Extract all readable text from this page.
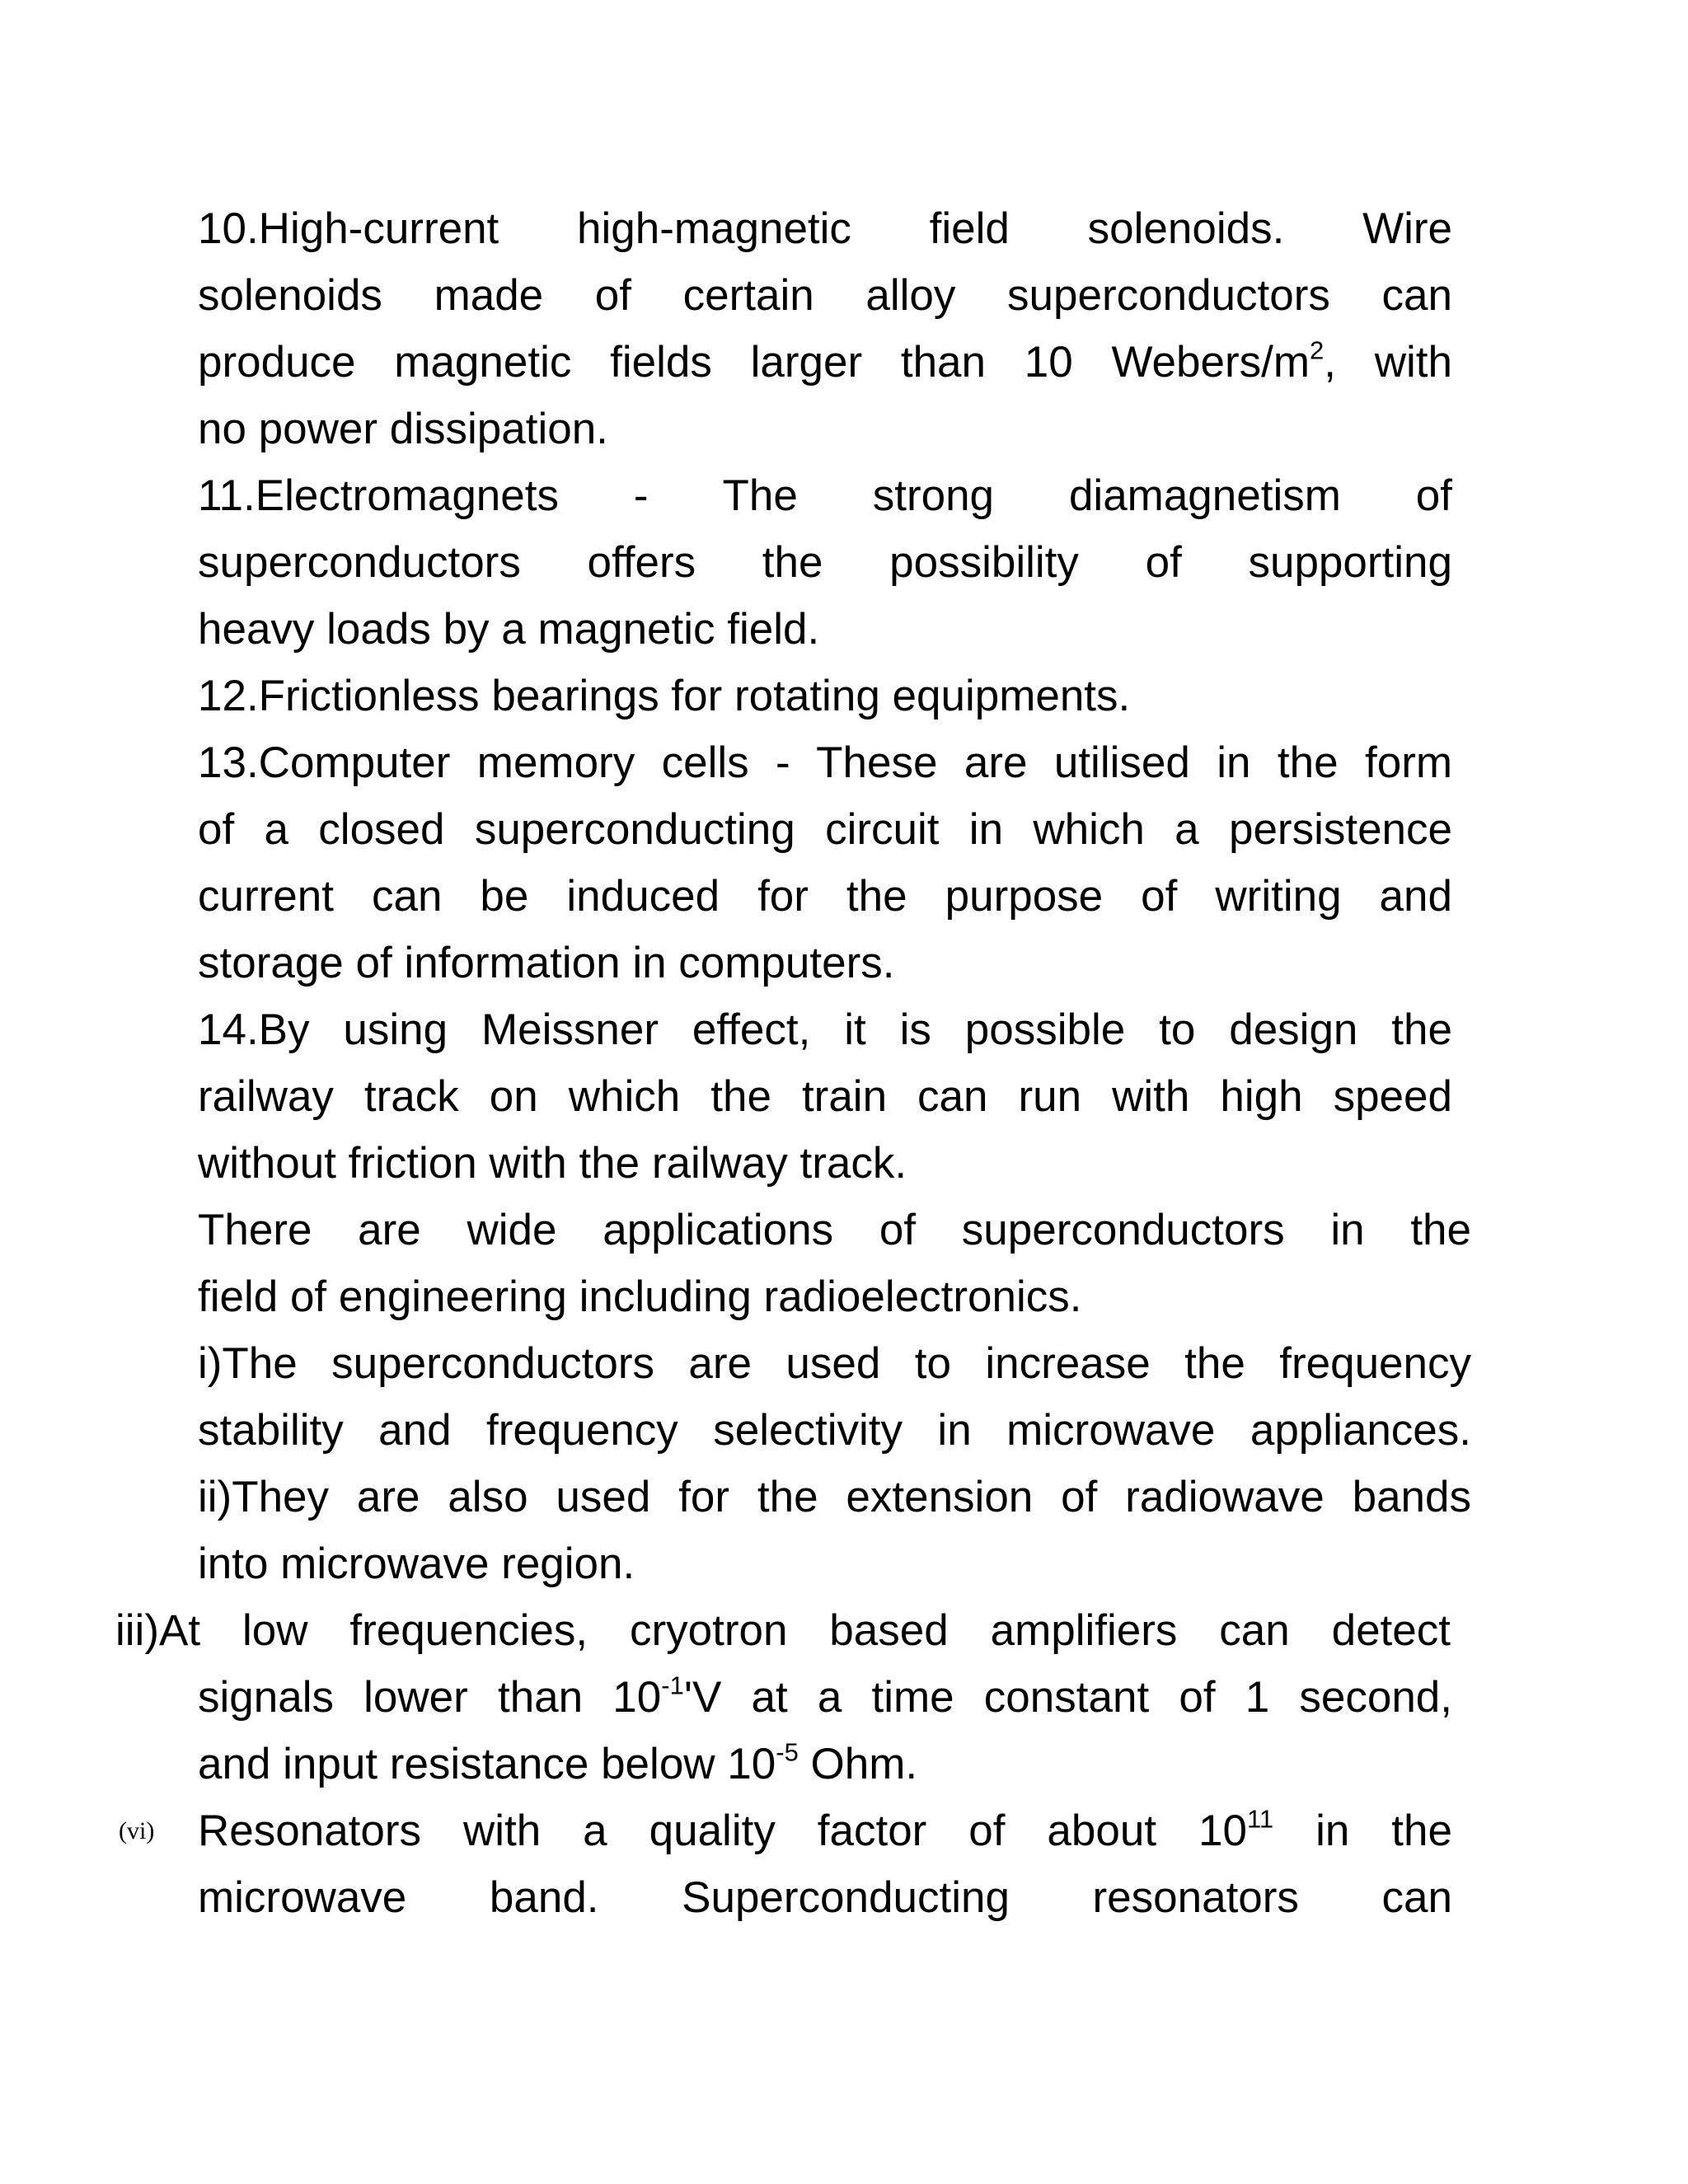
10.High-current high-magnetic field solenoids. Wire
solenoids made of certain alloy superconductors can
produce magnetic fields larger than 10 Webers/$m^2$, with
no power dissipation.
11.Electromagnets - The strong diamagnetism of
superconductors offers the possibility of supporting
heavy loads by a magnetic field.
12.Frictionless bearings for rotating equipments.
13.Computer memory cells - These are utilised in the form
of a closed superconducting circuit in which a persistence
current can be induced for the purpose of writing and
storage of information in computers.
14.By using Meissner effect, it is possible to design the
railway track on which the train can run with high speed
without friction with the railway track.
There are wide applications of superconductors in the
field of engineering including radioelectronics.
i)The superconductors are used to increase the frequency
stability and frequency selectivity in microwave appliances.
ii)They are also used for the extension of radiowave bands
into microwave region.
iii)At low frequencies, cryotron based amplifiers can detect
signals lower than $10^{-1}'V$ at a time constant of 1 second,
and input resistance below $10^{-5}$ Ohm.
(vi) Resonators with a quality factor of about $10^{11}$ in the
microwave band. Superconducting resonators can
